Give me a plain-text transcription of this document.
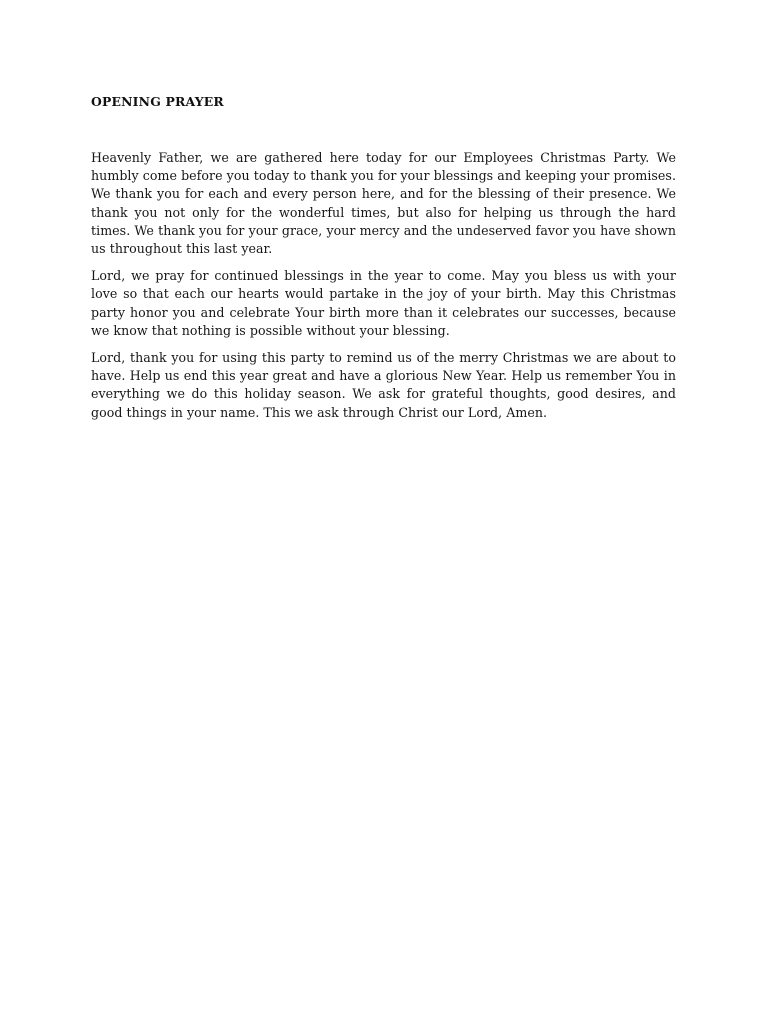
OPENING PRAYER

Heavenly Father, we are gathered here today for our Employees Christmas Party. We humbly come before you today to thank you for your blessings and keeping your promises. We thank you for each and every person here, and for the blessing of their presence. We thank you not only for the wonderful times, but also for helping us through the hard times. We thank you for your grace, your mercy and the undeserved favor you have shown us throughout this last year.

Lord, we pray for continued blessings in the year to come. May you bless us with your love so that each our hearts would partake in the joy of your birth. May this Christmas party honor you and celebrate Your birth more than it celebrates our successes, because we know that nothing is possible without your blessing.

Lord, thank you for using this party to remind us of the merry Christmas we are about to have. Help us end this year great and have a glorious New Year. Help us remember You in everything we do this holiday season. We ask for grateful thoughts, good desires, and good things in your name. This we ask through Christ our Lord, Amen.
